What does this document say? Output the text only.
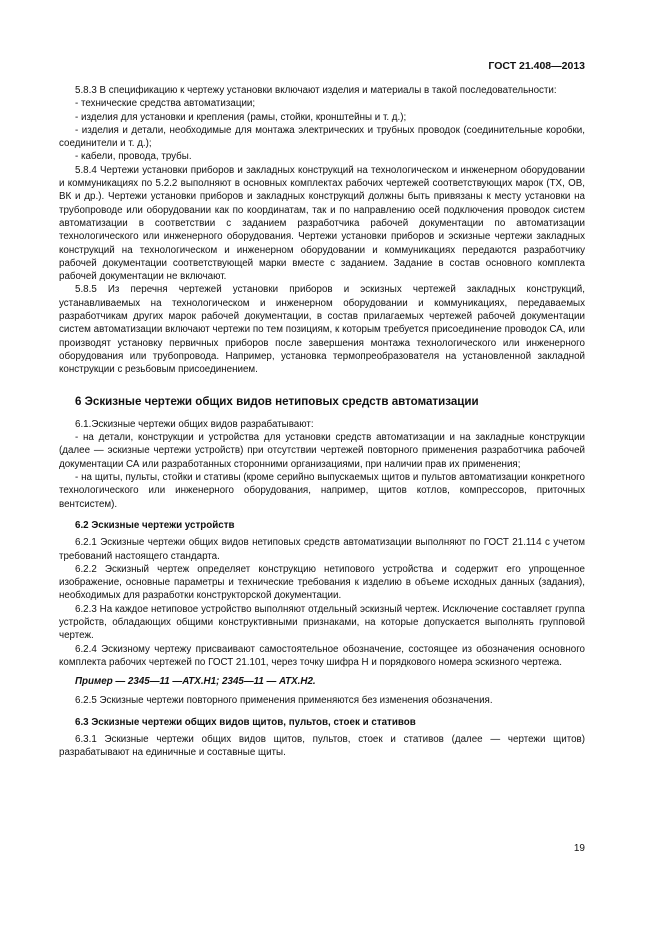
ГОСТ 21.408—2013

5.8.3 В спецификацию к чертежу установки включают изделия и материалы в такой последовательности:

- технические средства автоматизации;

- изделия для установки и крепления (рамы, стойки, кронштейны и т. д.);

- изделия и детали, необходимые для монтажа электрических и трубных проводок (соединительные коробки, соединители и т. д.);

- кабели, провода, трубы.

5.8.4 Чертежи установки приборов и закладных конструкций на технологическом и инженерном оборудовании и коммуникациях по 5.2.2 выполняют в основных комплектах рабочих чертежей соответствующих марок (ТХ, ОВ, ВК и др.). Чертежи установки приборов и закладных конструкций должны быть привязаны к месту установки на трубопроводе или оборудовании как по координатам, так и по направлению осей подключения проводок систем автоматизации в соответствии с заданием разработчика рабочей документации по автоматизации технологического или инженерного оборудования. Чертежи установки приборов и эскизные чертежи закладных конструкций на технологическом и инженерном оборудовании и коммуникациях передаются разработчику рабочей документации соответствующей марки вместе с заданием. Задание в состав основного комплекта рабочей документации не включают.

5.8.5 Из перечня чертежей установки приборов и эскизных чертежей закладных конструкций, устанавливаемых на технологическом и инженерном оборудовании и коммуникациях, передаваемых разработчикам других марок рабочей документации, в состав прилагаемых чертежей рабочей документации систем автоматизации включают чертежи по тем позициям, к которым требуется присоединение проводок СА, или производят установку первичных приборов после завершения монтажа технологического или инженерного оборудования или трубопровода. Например, установка термопреобразователя на установленной закладной конструкции с резьбовым присоединением.

6 Эскизные чертежи общих видов нетиповых средств автоматизации

6.1.Эскизные чертежи общих видов разрабатывают:

- на детали, конструкции и устройства для установки средств автоматизации и на закладные конструкции (далее — эскизные чертежи устройств) при отсутствии чертежей повторного применения разработчика рабочей документации СА или разработанных сторонними организациями, при наличии прав их применения;

- на щиты, пульты, стойки и стативы (кроме серийно выпускаемых щитов и пультов автоматизации конкретного технологического или инженерного оборудования, например, щитов котлов, компрессоров, приточных вентсистем).

6.2 Эскизные чертежи устройств

6.2.1 Эскизные чертежи общих видов нетиповых средств автоматизации выполняют по ГОСТ 21.114 с учетом требований настоящего стандарта.

6.2.2 Эскизный чертеж определяет конструкцию нетипового устройства и содержит его упрощенное изображение, основные параметры и технические требования к изделию в объеме исходных данных (задания), необходимых для разработки конструкторской документации.

6.2.3 На каждое нетиповое устройство выполняют отдельный эскизный чертеж. Исключение составляет группа устройств, обладающих общими конструктивными признаками, на которые допускается выполнять групповой чертеж.

6.2.4 Эскизному чертежу присваивают самостоятельное обозначение, состоящее из обозначения основного комплекта рабочих чертежей по ГОСТ 21.101, через точку шифра Н и порядкового номера эскизного чертежа.

Пример — 2345—11 —АТХ.Н1; 2345—11 — АТХ.Н2.

6.2.5 Эскизные чертежи повторного применения применяются без изменения обозначения.

6.3 Эскизные чертежи общих видов щитов, пультов, стоек и стативов

6.3.1 Эскизные чертежи общих видов щитов, пультов, стоек и стативов (далее — чертежи щитов) разрабатывают на единичные и составные щиты.

19
